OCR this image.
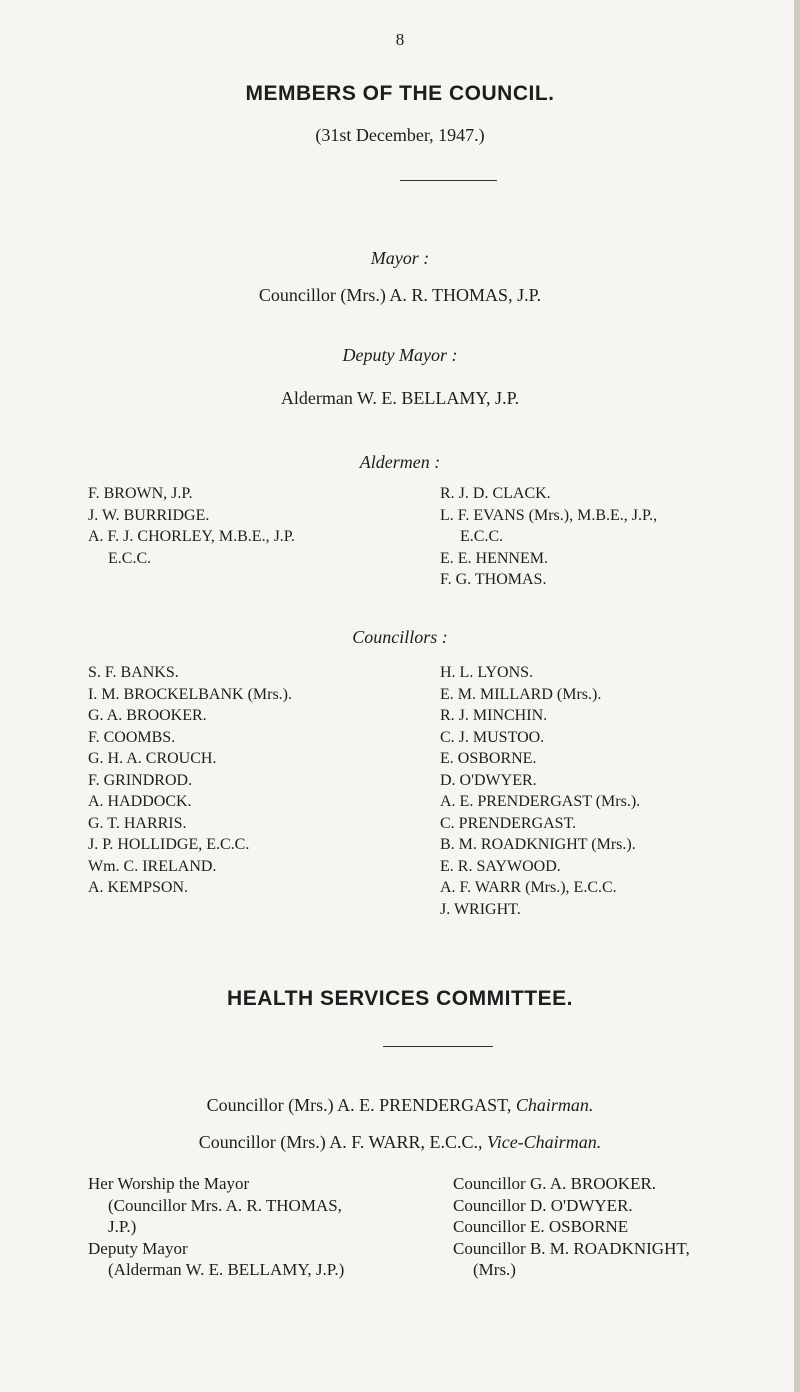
8
MEMBERS OF THE COUNCIL.
(31st December, 1947.)
Mayor :
Councillor (Mrs.) A. R. THOMAS, J.P.
Deputy Mayor :
Alderman W. E. BELLAMY, J.P.
Aldermen :
F. BROWN, J.P.
J. W. BURRIDGE.
A. F. J. CHORLEY, M.B.E., J.P.
E.C.C.
R. J. D. CLACK.
L. F. EVANS (Mrs.), M.B.E., J.P.,
E.C.C.
E. E. HENNEM.
F. G. THOMAS.
Councillors :
S. F. BANKS.
I. M. BROCKELBANK (Mrs.).
G. A. BROOKER.
F. COOMBS.
G. H. A. CROUCH.
F. GRINDROD.
A. HADDOCK.
G. T. HARRIS.
J. P. HOLLIDGE, E.C.C.
Wm. C. IRELAND.
A. KEMPSON.
H. L. LYONS.
E. M. MILLARD (Mrs.).
R. J. MINCHIN.
C. J. MUSTOO.
E. OSBORNE.
D. O'DWYER.
A. E. PRENDERGAST (Mrs.).
C. PRENDERGAST.
B. M. ROADKNIGHT (Mrs.).
E. R. SAYWOOD.
A. F. WARR (Mrs.), E.C.C.
J. WRIGHT.
HEALTH SERVICES COMMITTEE.
Councillor (Mrs.) A. E. PRENDERGAST, Chairman.
Councillor (Mrs.) A. F. WARR, E.C.C., Vice-Chairman.
Her Worship the Mayor
(Councillor Mrs. A. R. THOMAS,
J.P.)
Deputy Mayor
(Alderman W. E. BELLAMY, J.P.)
Councillor G. A. BROOKER.
Councillor D. O'DWYER.
Councillor E. OSBORNE
Councillor B. M. ROADKNIGHT,
(Mrs.)
